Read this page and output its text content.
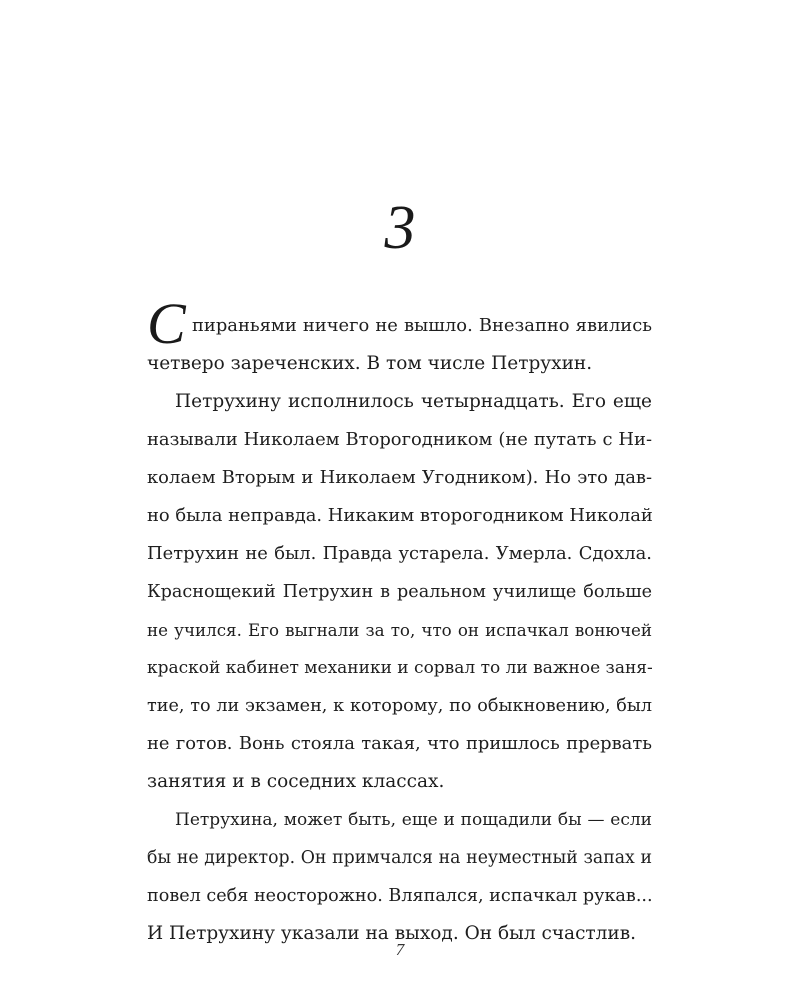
3
С пираньями ничего не вышло. Внезапно явились
четверо зареченских. В том числе Петрухин.
Петрухину исполнилось четырнадцать. Его еще
называли Николаем Второгодником (не путать с Ни-
колаем Вторым и Николаем Угодником). Но это дав-
но была неправда. Никаким второгодником Николай
Петрухин не был. Правда устарела. Умерла. Сдохла.
Краснощекий Петрухин в реальном училище больше
не учился. Его выгнали за то, что он испачкал вонючей
краской кабинет механики и сорвал то ли важное заня-
тие, то ли экзамен, к которому, по обыкновению, был
не готов. Вонь стояла такая, что пришлось прервать
занятия и в соседних классах.
Петрухина, может быть, еще и пощадили бы — если
бы не директор. Он примчался на неуместный запах и
повел себя неосторожно. Вляпался, испачкал рукав...
И Петрухину указали на выход. Он был счастлив.
7
